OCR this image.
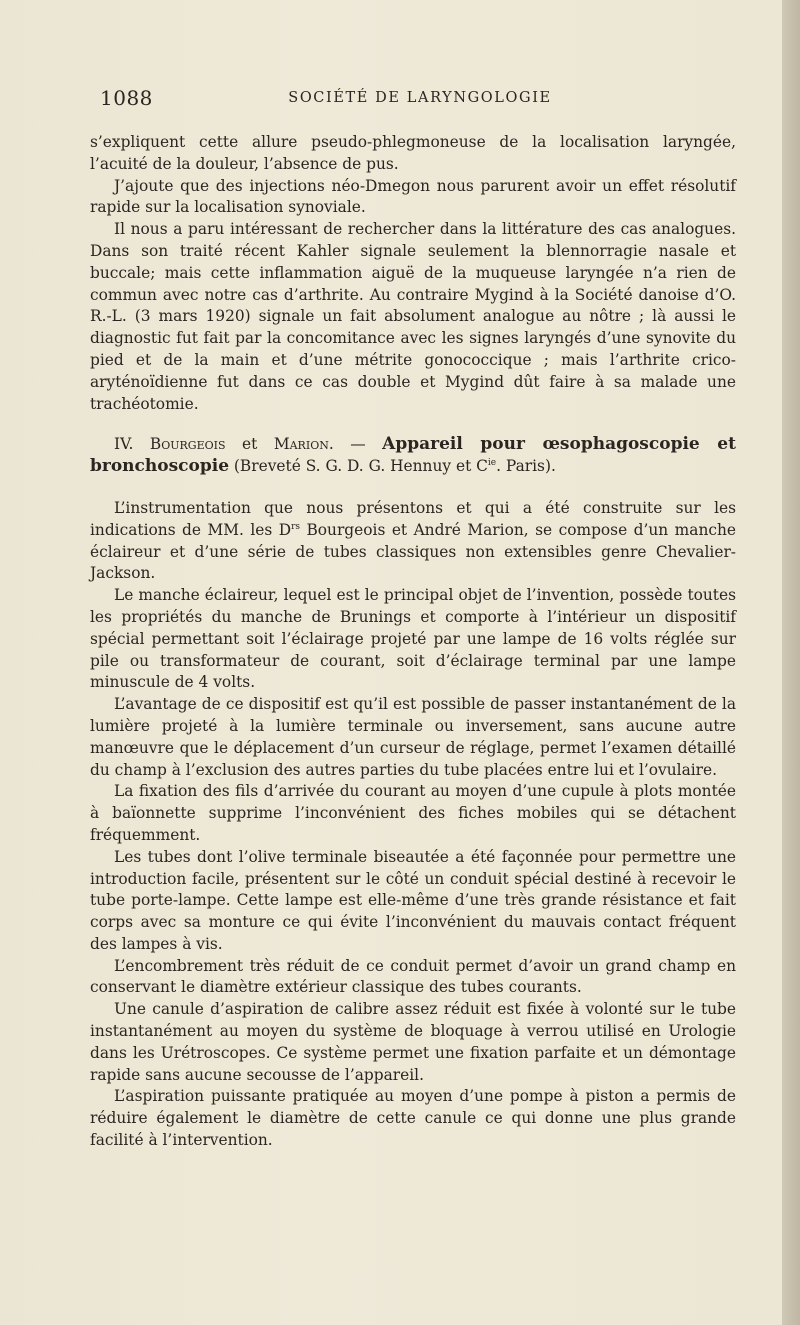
1088	SOCIÉTÉ DE LARYNGOLOGIE

s’expliquent cette allure pseudo-phlegmoneuse de la localisation laryngée, l’acuité de la douleur, l’absence de pus.

J’ajoute que des injections néo-Dmegon nous parurent avoir un effet résolutif rapide sur la localisation synoviale.

Il nous a paru intéressant de rechercher dans la littérature des cas analogues. Dans son traité récent Kahler signale seulement la blennorragie nasale et buccale; mais cette inflammation aiguë de la muqueuse laryngée n’a rien de commun avec notre cas d’arthrite. Au contraire Mygind à la Société danoise d’O. R.-L. (3 mars 1920) signale un fait absolument analogue au nôtre ; là aussi le diagnostic fut fait par la concomitance avec les signes laryngés d’une synovite du pied et de la main et d’une métrite gonococcique ; mais l’arthrite crico-aryténoïdienne fut dans ce cas double et Mygind dût faire à sa malade une trachéotomie.

IV. Bourgeois et Marion. — Appareil pour œsophagoscopie et bronchoscopie (Breveté S. G. D. G. Hennuy et $C^{ie}$. Paris).

L’instrumentation que nous présentons et qui a été construite sur les indications de MM. les $D^{rs}$ Bourgeois et André Marion, se compose d’un manche éclaireur et d’une série de tubes classiques non extensibles genre Chevalier-Jackson.

Le manche éclaireur, lequel est le principal objet de l’invention, possède toutes les propriétés du manche de Brunings et comporte à l’intérieur un dispositif spécial permettant soit l’éclairage projeté par une lampe de 16 volts réglée sur pile ou transformateur de courant, soit d’éclairage terminal par une lampe minuscule de 4 volts.

L’avantage de ce dispositif est qu’il est possible de passer instantanément de la lumière projeté à la lumière terminale ou inversement, sans aucune autre manœuvre que le déplacement d’un curseur de réglage, permet l’examen détaillé du champ à l’exclusion des autres parties du tube placées entre lui et l’ovulaire.

La fixation des fils d’arrivée du courant au moyen d’une cupule à plots montée à baïonnette supprime l’inconvénient des fiches mobiles qui se détachent fréquemment.

Les tubes dont l’olive terminale biseautée a été façonnée pour permettre une introduction facile, présentent sur le côté un conduit spécial destiné à recevoir le tube porte-lampe. Cette lampe est elle-même d’une très grande résistance et fait corps avec sa monture ce qui évite l’inconvénient du mauvais contact fréquent des lampes à vis.

L’encombrement très réduit de ce conduit permet d’avoir un grand champ en conservant le diamètre extérieur classique des tubes courants.

Une canule d’aspiration de calibre assez réduit est fixée à volonté sur le tube instantanément au moyen du système de bloquage à verrou utilisé en Urologie dans les Urétroscopes. Ce système permet une fixation parfaite et un démontage rapide sans aucune secousse de l’appareil.

L’aspiration puissante pratiquée au moyen d’une pompe à piston a permis de réduire également le diamètre de cette canule ce qui donne une plus grande facilité à l’intervention.
